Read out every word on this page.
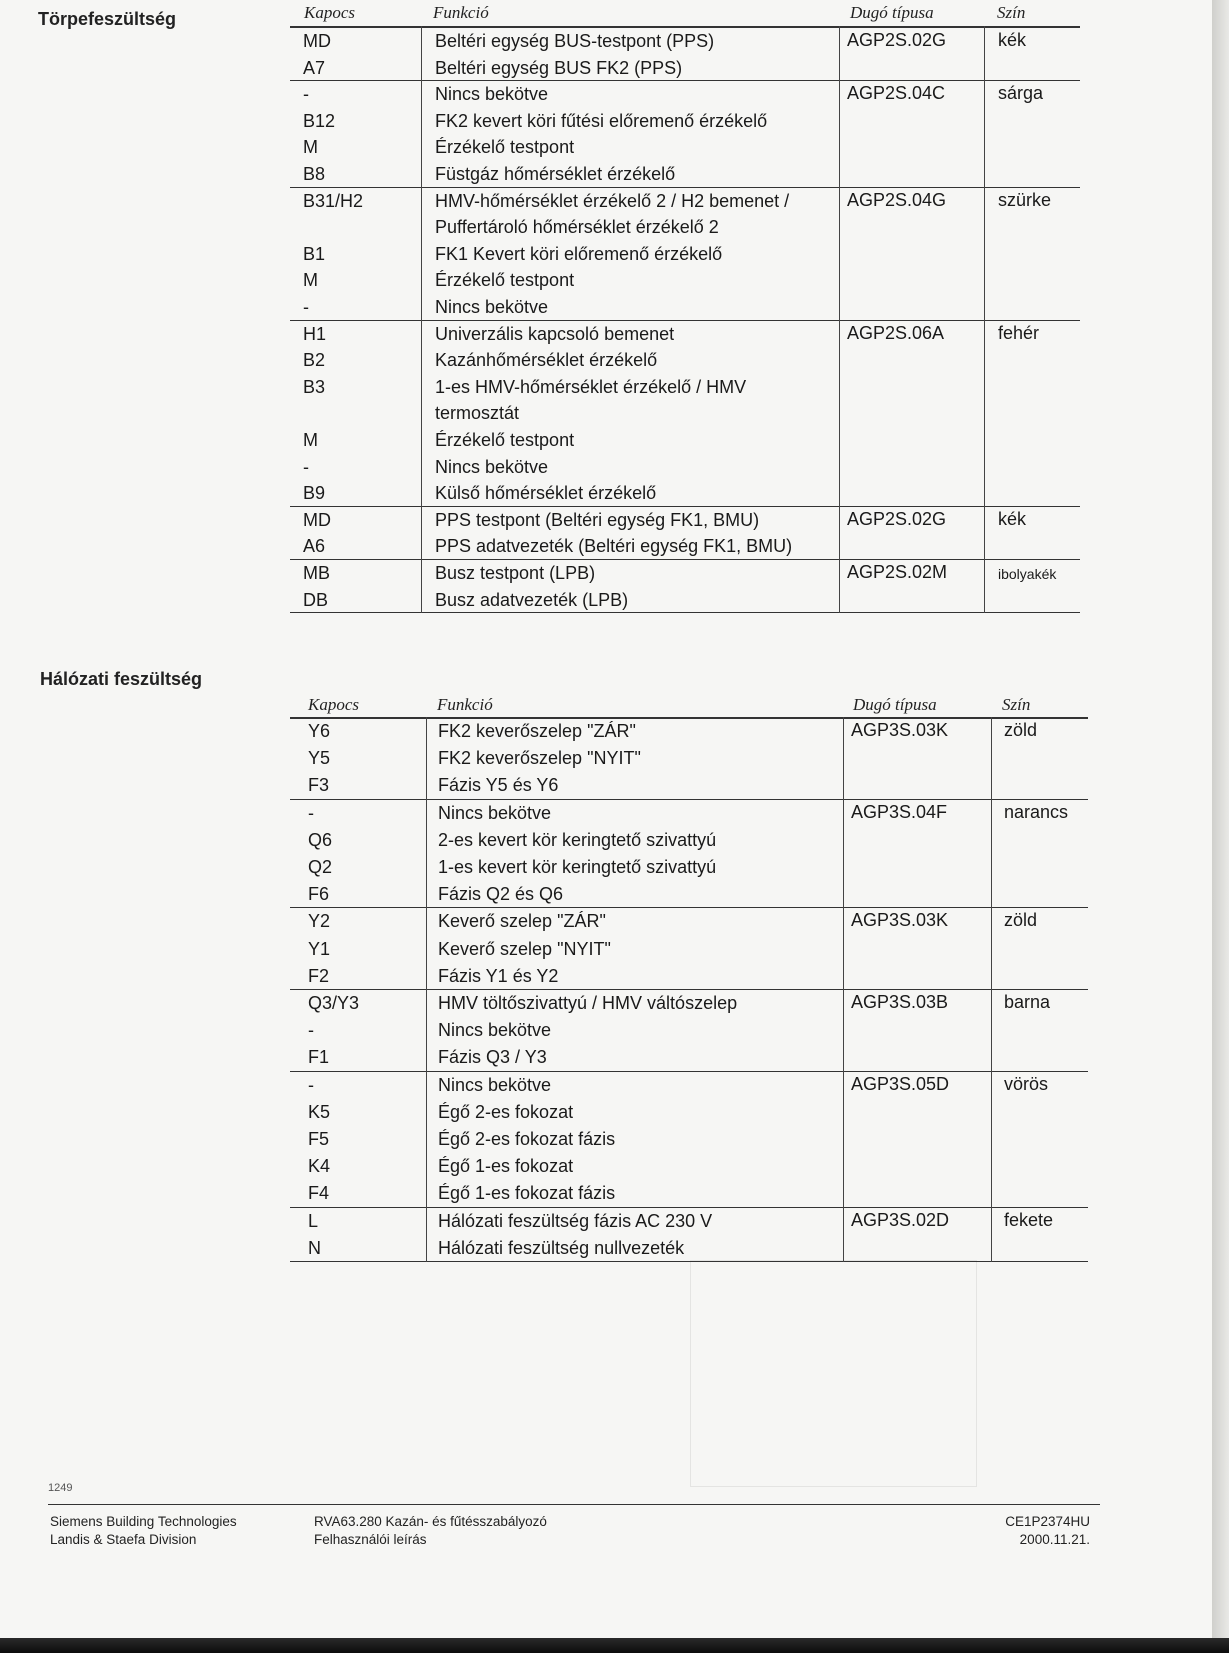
Törpefeszültség	Kapocs	Funkció	Dugó típusa	Szín
MD	Beltéri egység BUS-testpont (PPS)
A7	Beltéri egység BUS FK2 (PPS)
AGP2S.02G	kék
-	Nincs bekötve
B12	FK2 kevert köri fűtési előremenő érzékelő
M	Érzékelő testpont
B8	Füstgáz hőmérséklet érzékelő
AGP2S.04C	sárga
B31/H2	HMV-hőmérséklet érzékelő 2 / H2 bemenet /
Puffertároló hőmérséklet érzékelő 2
B1	FK1 Kevert köri előremenő érzékelő
M	Érzékelő testpont
-	Nincs bekötve
AGP2S.04G	szürke
H1	Univerzális kapcsoló bemenet
B2	Kazánhőmérséklet érzékelő
B3	1-es HMV-hőmérséklet érzékelő / HMV
termosztát
M	Érzékelő testpont
-	Nincs bekötve
B9	Külső hőmérséklet érzékelő
AGP2S.06A	fehér
MD	PPS testpont (Beltéri egység FK1, BMU)
A6	PPS adatvezeték (Beltéri egység FK1, BMU)
AGP2S.02G	kék
MB	Busz testpont (LPB)
DB	Busz adatvezeték (LPB)
AGP2S.02M	ibolyakék
Hálózati feszültség
Kapocs	Funkció	Dugó típusa	Szín
Y6	FK2 keverőszelep "ZÁR"
Y5	FK2 keverőszelep "NYIT"
F3	Fázis Y5 és Y6
AGP3S.03K	zöld
-	Nincs bekötve
Q6	2-es kevert kör keringtető szivattyú
Q2	1-es kevert kör keringtető szivattyú
F6	Fázis Q2 és Q6
AGP3S.04F	narancs
Y2	Keverő szelep "ZÁR"
Y1	Keverő szelep "NYIT"
F2	Fázis Y1 és Y2
AGP3S.03K	zöld
Q3/Y3	HMV töltőszivattyú / HMV váltószelep
-	Nincs bekötve
F1	Fázis Q3 / Y3
AGP3S.03B	barna
-	Nincs bekötve
K5	Égő 2-es fokozat
F5	Égő 2-es fokozat fázis
K4	Égő 1-es fokozat
F4	Égő 1-es fokozat fázis
AGP3S.05D	vörös
L	Hálózati feszültség fázis AC 230 V
N	Hálózati feszültség nullvezeték
AGP3S.02D	fekete
1249
Siemens Building Technologies
Landis & Staefa Division
RVA63.280 Kazán- és fűtésszabályozó
Felhasználói leírás
CE1P2374HU
2000.11.21.
